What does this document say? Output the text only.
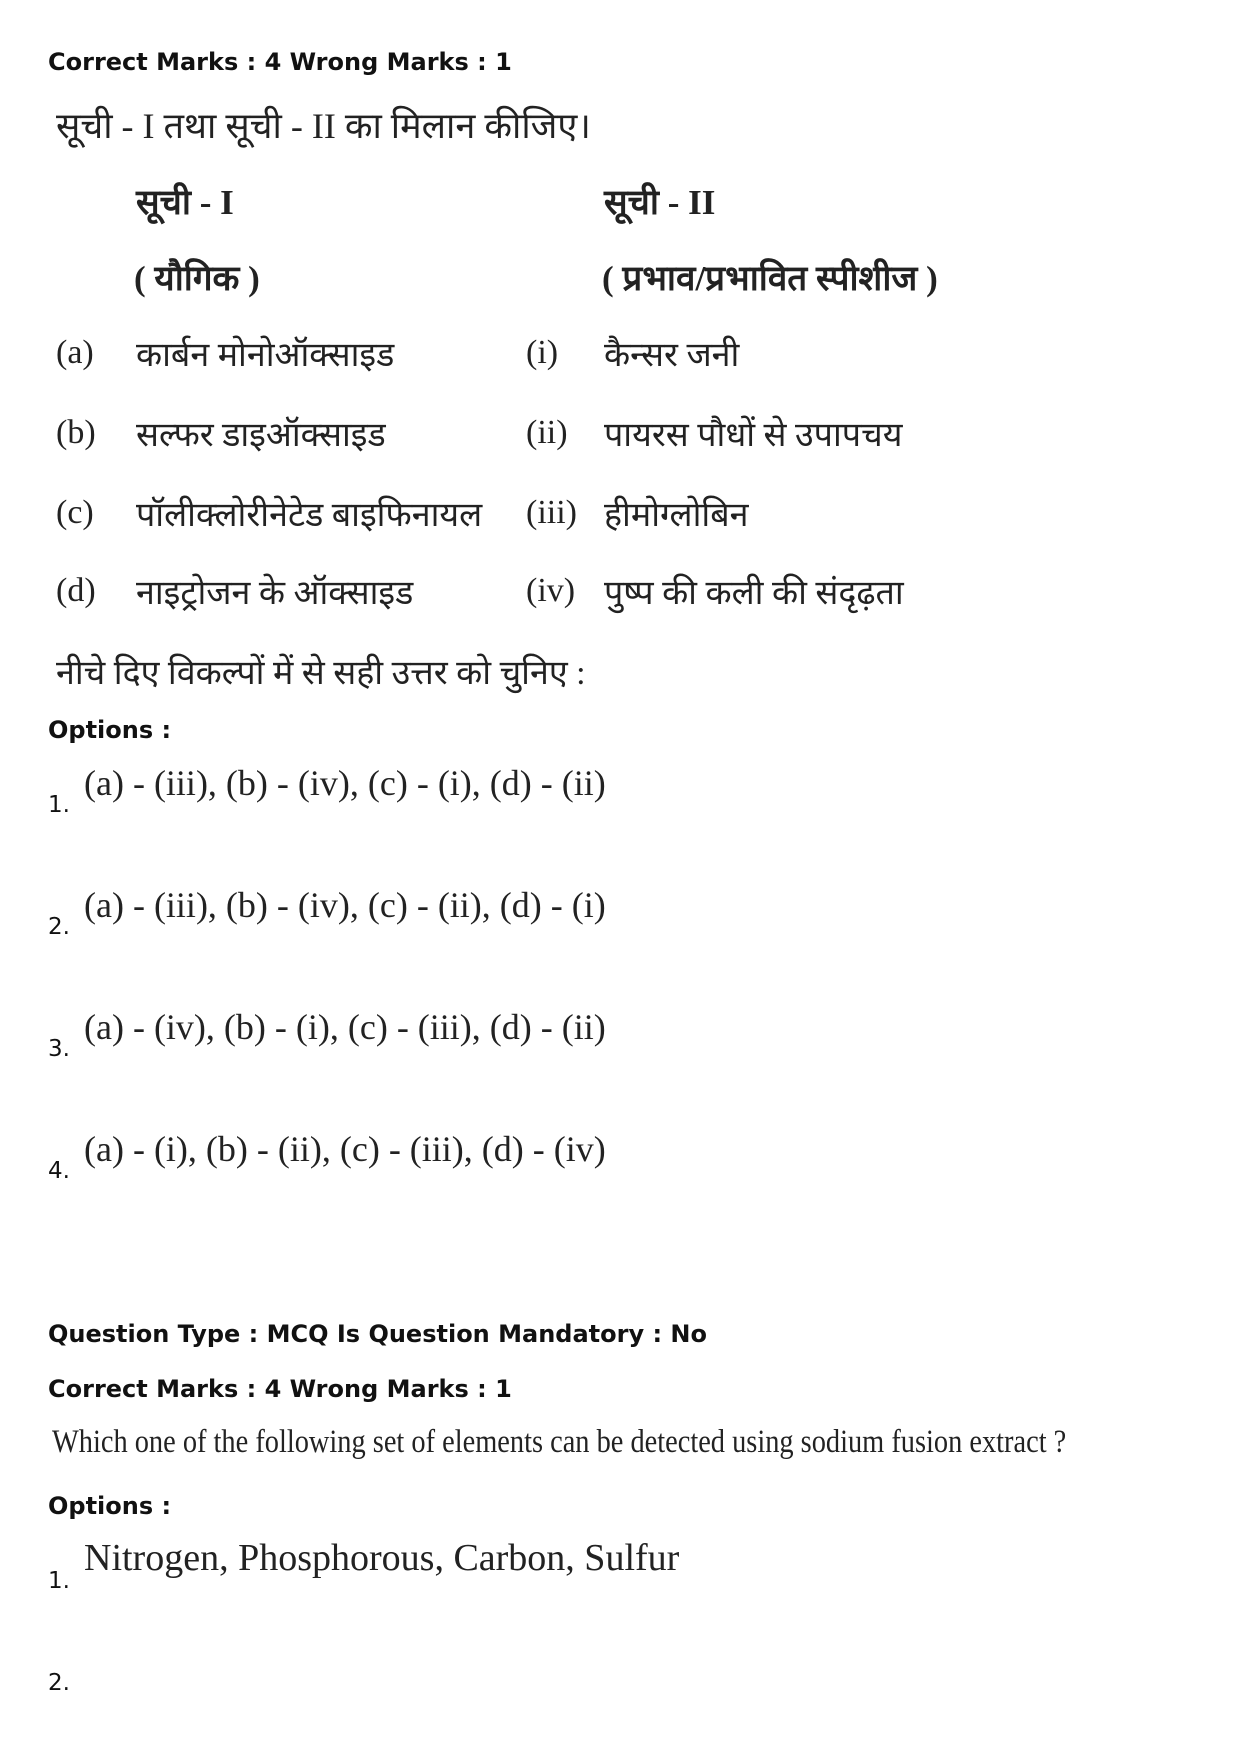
Correct Marks : 4 Wrong Marks : 1
सूची - I तथा सूची - II का मिलान कीजिए।
सूची - I	सूची - II
( यौगिक )	( प्रभाव/प्रभावित स्पीशीज )
(a) कार्बन मोनोऑक्साइड	(i) कैन्सर जनी
(b) सल्फर डाइऑक्साइड	(ii) पायरस पौधों से उपापचय
(c) पॉलीक्लोरीनेटेड बाइफिनायल (iii) हीमोग्लोबिन
(d) नाइट्रोजन के ऑक्साइड	(iv) पुष्प की कली की संदृढ़ता
नीचे दिए विकल्पों में से सही उत्तर को चुनिए :
Options :
1.
(a) - (iii), (b) - (iv), (c) - (i), (d) - (ii)
2.
(a) - (iii), (b) - (iv), (c) - (ii), (d) - (i)
3.
(a) - (iv), (b) - (i), (c) - (iii), (d) - (ii)
4.
(a) - (i), (b) - (ii), (c) - (iii), (d) - (iv)
Question Type : MCQ Is Question Mandatory : No
Correct Marks : 4 Wrong Marks : 1
Which one of the following set of elements can be detected using sodium fusion extract ?
Options :
1.
Nitrogen, Phosphorous, Carbon, Sulfur
2.
